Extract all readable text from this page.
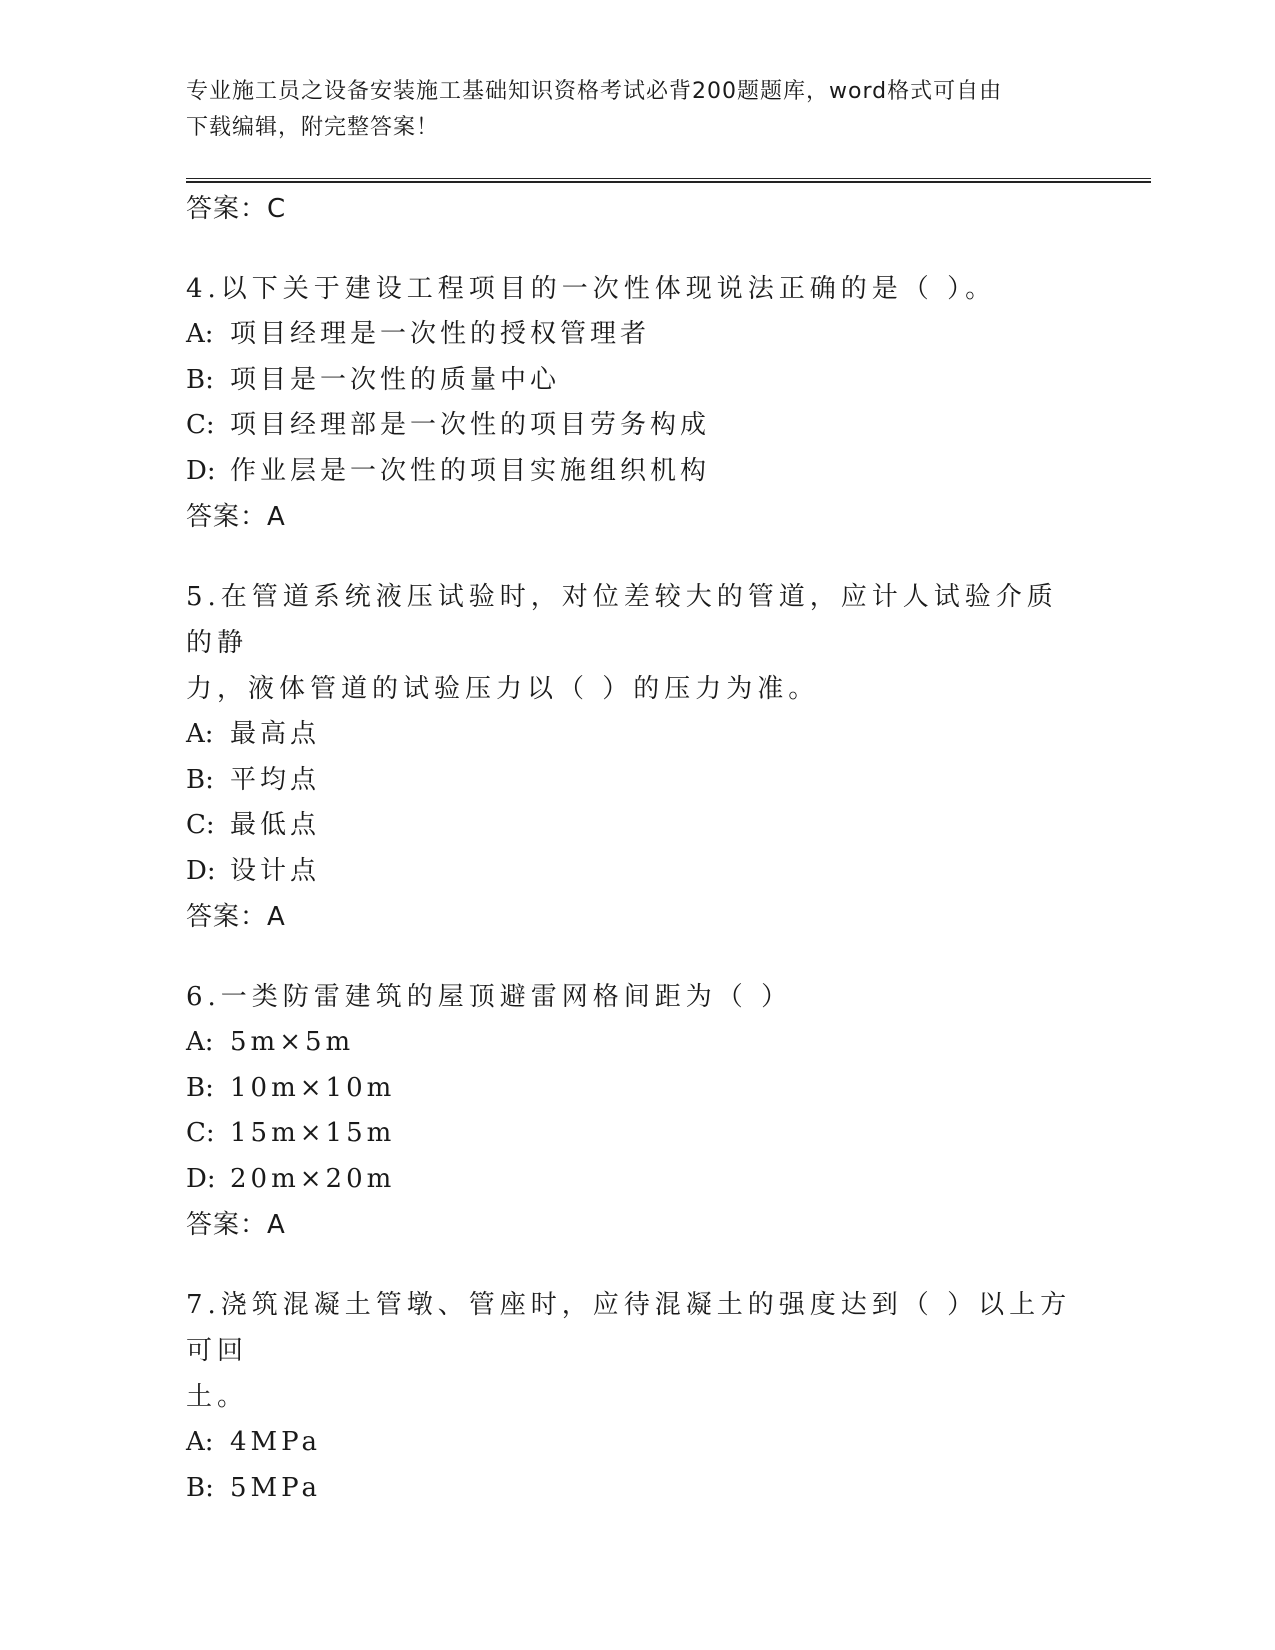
专业施工员之设备安装施工基础知识资格考试必背200题题库，word格式可自由
下载编辑，附完整答案！
答案：C
4.以下关于建设工程项目的一次性体现说法正确的是（ ）。
A: 项目经理是一次性的授权管理者
B: 项目是一次性的质量中心
C: 项目经理部是一次性的项目劳务构成
D: 作业层是一次性的项目实施组织机构
答案：A
5.在管道系统液压试验时，对位差较大的管道，应计人试验介质的静
力，液体管道的试验压力以（ ）的压力为准。
A: 最高点
B: 平均点
C: 最低点
D: 设计点
答案：A
6.一类防雷建筑的屋顶避雷网格间距为（ ）
A: 5m×5m
B: 10m×10m
C: 15m×15m
D: 20m×20m
答案：A
7.浇筑混凝土管墩、管座时，应待混凝土的强度达到（ ）以上方可回
土。
A: 4MPa
B: 5MPa
